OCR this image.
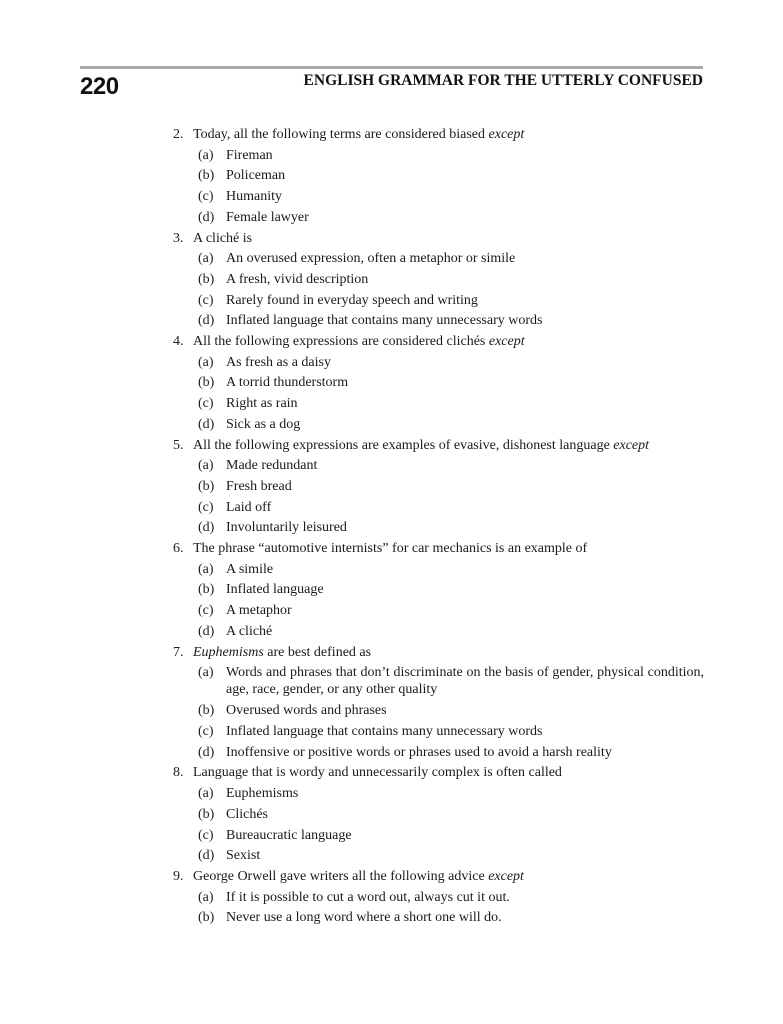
220	ENGLISH GRAMMAR FOR THE UTTERLY CONFUSED
2. Today, all the following terms are considered biased except
(a) Fireman
(b) Policeman
(c) Humanity
(d) Female lawyer
3. A cliché is
(a) An overused expression, often a metaphor or simile
(b) A fresh, vivid description
(c) Rarely found in everyday speech and writing
(d) Inflated language that contains many unnecessary words
4. All the following expressions are considered clichés except
(a) As fresh as a daisy
(b) A torrid thunderstorm
(c) Right as rain
(d) Sick as a dog
5. All the following expressions are examples of evasive, dishonest language except
(a) Made redundant
(b) Fresh bread
(c) Laid off
(d) Involuntarily leisured
6. The phrase “automotive internists” for car mechanics is an example of
(a) A simile
(b) Inflated language
(c) A metaphor
(d) A cliché
7. Euphemisms are best defined as
(a) Words and phrases that don’t discriminate on the basis of gender, physical condition, age, race, gender, or any other quality
(b) Overused words and phrases
(c) Inflated language that contains many unnecessary words
(d) Inoffensive or positive words or phrases used to avoid a harsh reality
8. Language that is wordy and unnecessarily complex is often called
(a) Euphemisms
(b) Clichés
(c) Bureaucratic language
(d) Sexist
9. George Orwell gave writers all the following advice except
(a) If it is possible to cut a word out, always cut it out.
(b) Never use a long word where a short one will do.
